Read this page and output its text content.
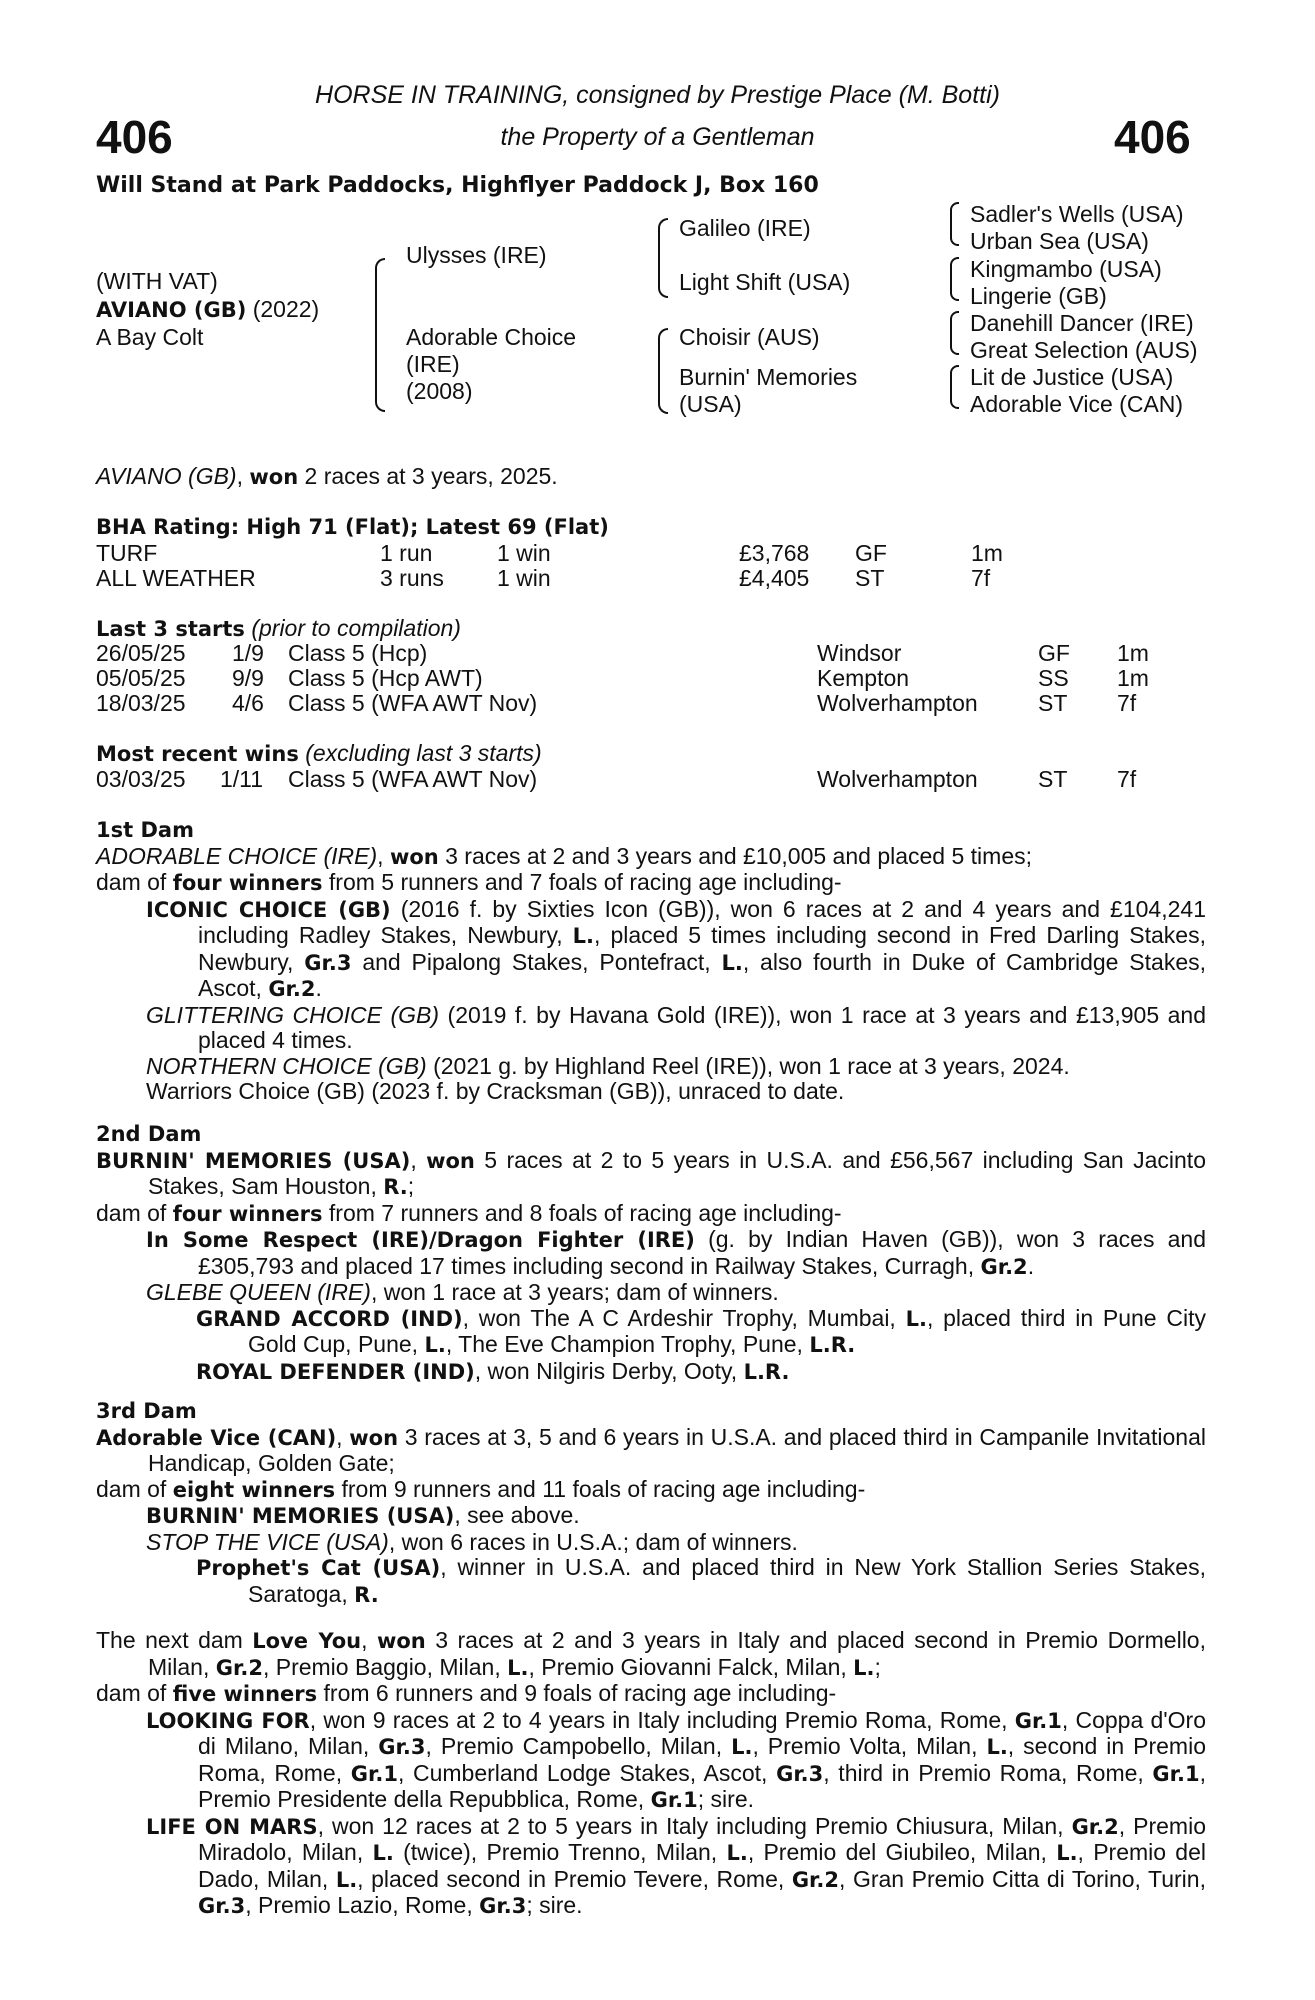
406	406
HORSE IN TRAINING, consigned by Prestige Place (M. Botti)
the Property of a Gentleman
Will Stand at Park Paddocks, Highflyer Paddock J, Box 160
(WITH VAT)
AVIANO (GB) (2022)
A Bay Colt
Ulysses (IRE)
Adorable Choice
(IRE)
(2008)
Galileo (IRE)
Light Shift (USA)
Choisir (AUS)
Burnin' Memories
(USA)
Sadler's Wells (USA)
Urban Sea (USA)
Kingmambo (USA)
Lingerie (GB)
Danehill Dancer (IRE)
Great Selection (AUS)
Lit de Justice (USA)
Adorable Vice (CAN)
AVIANO (GB), won 2 races at 3 years, 2025.
BHA Rating: High 71 (Flat); Latest 69 (Flat)
TURF	1 run	1 win	£3,768 GF	1m
ALL WEATHER	3 runs 1 win	£4,405 ST	7f
Last 3 starts (prior to compilation)
26/05/25 1/9 Class 5 (Hcp)	Windsor	GF 1m
05/05/25 9/9 Class 5 (Hcp AWT)	Kempton	SS 1m
18/03/25 4/6 Class 5 (WFA AWT Nov)	Wolverhampton	ST 7f
Most recent wins (excluding last 3 starts)
03/03/25 1/11 Class 5 (WFA AWT Nov)	Wolverhampton	ST 7f
1st Dam
ADORABLE CHOICE (IRE), won 3 races at 2 and 3 years and £10,005 and placed 5 times;
dam of four winners from 5 runners and 7 foals of racing age including-

ICONIC CHOICE (GB) (2016 f. by Sixties Icon (GB)), won 6 races at 2 and 4 years and £104,241 including Radley Stakes, Newbury, L., placed 5 times including second in Fred Darling Stakes, Newbury, Gr.3 and Pipalong Stakes, Pontefract, L., also fourth in Duke of Cambridge Stakes, Ascot, Gr.2.

GLITTERING CHOICE (GB) (2019 f. by Havana Gold (IRE)), won 1 race at 3 years and £13,905 and placed 4 times.

NORTHERN CHOICE (GB) (2021 g. by Highland Reel (IRE)), won 1 race at 3 years, 2024.

Warriors Choice (GB) (2023 f. by Cracksman (GB)), unraced to date.

2nd Dam

BURNIN' MEMORIES (USA), won 5 races at 2 to 5 years in U.S.A. and £56,567 including San Jacinto Stakes, Sam Houston, R.;

dam of four winners from 7 runners and 8 foals of racing age including-

In Some Respect (IRE)/Dragon Fighter (IRE) (g. by Indian Haven (GB)), won 3 races and £305,793 and placed 17 times including second in Railway Stakes, Curragh, Gr.2.

GLEBE QUEEN (IRE), won 1 race at 3 years; dam of winners.

GRAND ACCORD (IND), won The A C Ardeshir Trophy, Mumbai, L., placed third in Pune City Gold Cup, Pune, L., The Eve Champion Trophy, Pune, L.R.

ROYAL DEFENDER (IND), won Nilgiris Derby, Ooty, L.R.

3rd Dam

Adorable Vice (CAN), won 3 races at 3, 5 and 6 years in U.S.A. and placed third in Campanile Invitational Handicap, Golden Gate;

dam of eight winners from 9 runners and 11 foals of racing age including-

BURNIN' MEMORIES (USA), see above.

STOP THE VICE (USA), won 6 races in U.S.A.; dam of winners.

Prophet's Cat (USA), winner in U.S.A. and placed third in New York Stallion Series Stakes, Saratoga, R.

The next dam Love You, won 3 races at 2 and 3 years in Italy and placed second in Premio Dormello, Milan, Gr.2, Premio Baggio, Milan, L., Premio Giovanni Falck, Milan, L.;

dam of five winners from 6 runners and 9 foals of racing age including-

LOOKING FOR, won 9 races at 2 to 4 years in Italy including Premio Roma, Rome, Gr.1, Coppa d'Oro di Milano, Milan, Gr.3, Premio Campobello, Milan, L., Premio Volta, Milan, L., second in Premio Roma, Rome, Gr.1, Cumberland Lodge Stakes, Ascot, Gr.3, third in Premio Roma, Rome, Gr.1, Premio Presidente della Repubblica, Rome, Gr.1; sire.

LIFE ON MARS, won 12 races at 2 to 5 years in Italy including Premio Chiusura, Milan, Gr.2, Premio Miradolo, Milan, L. (twice), Premio Trenno, Milan, L., Premio del Giubileo, Milan, L., Premio del Dado, Milan, L., placed second in Premio Tevere, Rome, Gr.2, Gran Premio Citta di Torino, Turin, Gr.3, Premio Lazio, Rome, Gr.3; sire.
